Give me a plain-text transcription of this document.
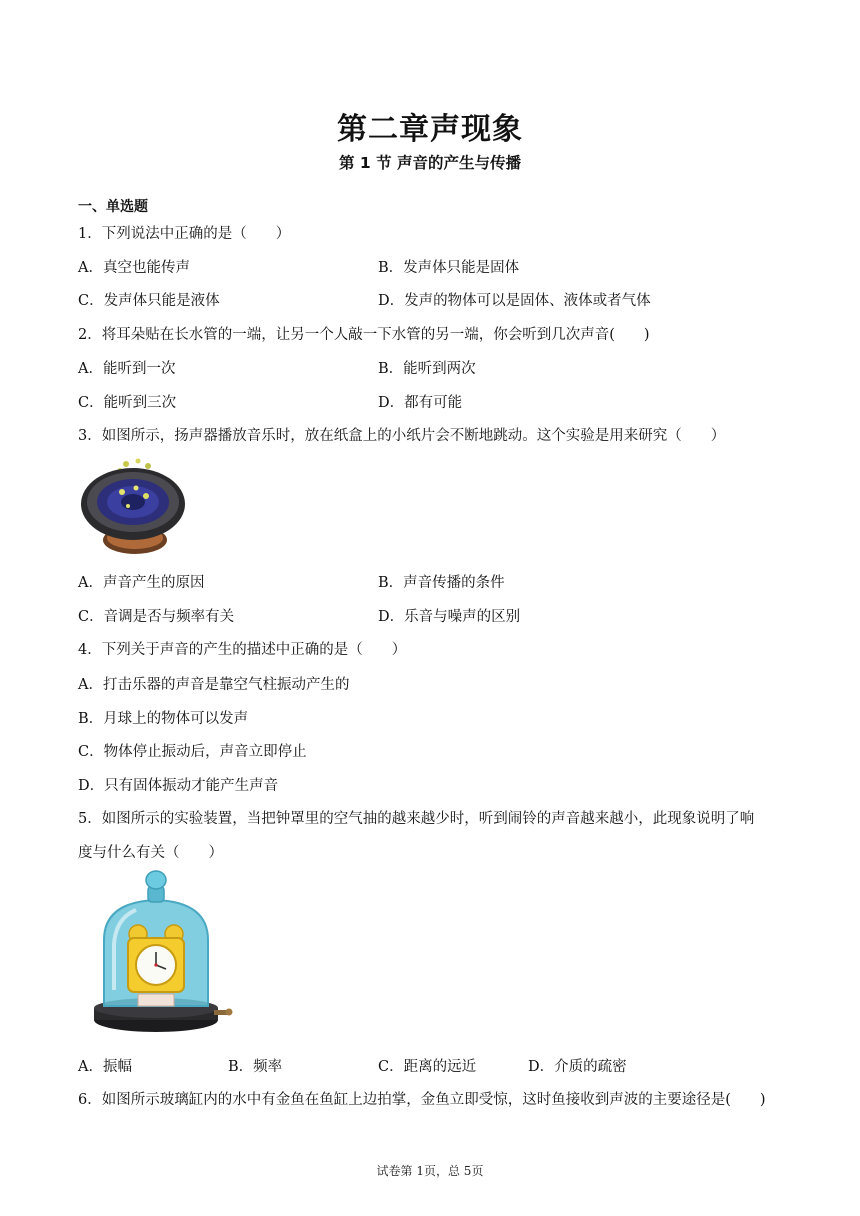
第二章声现象
第 1 节 声音的产生与传播
一、单选题
1．下列说法中正确的是（　　）
A．真空也能传声	B．发声体只能是固体
C．发声体只能是液体	D．发声的物体可以是固体、液体或者气体
2．将耳朵贴在长水管的一端，让另一个人敲一下水管的另一端，你会听到几次声音(　　)
A．能听到一次	B．能听到两次
C．能听到三次	D．都有可能
3．如图所示，扬声器播放音乐时，放在纸盒上的小纸片会不断地跳动。这个实验是用来研究（　　）
A．声音产生的原因	B．声音传播的条件
C．音调是否与频率有关	D．乐音与噪声的区别
4．下列关于声音的产生的描述中正确的是（　　）
A．打击乐器的声音是靠空气柱振动产生的
B．月球上的物体可以发声
C．物体停止振动后，声音立即停止
D．只有固体振动才能产生声音
5．如图所示的实验装置，当把钟罩里的空气抽的越来越少时，听到闹铃的声音越来越小，此现象说明了响
度与什么有关（　　）
A．振幅	B．频率	C．距离的远近	D．介质的疏密
6．如图所示玻璃缸内的水中有金鱼在鱼缸上边拍掌，金鱼立即受惊，这时鱼接收到声波的主要途径是(　　)
试卷第 1页，总 5页
